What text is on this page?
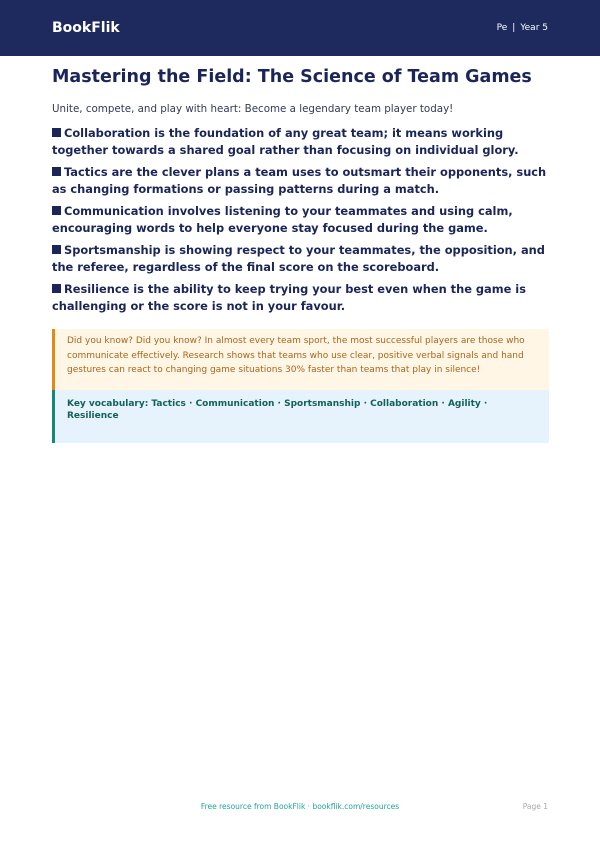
BookFlik	Pe | Year 5
Mastering the Field: The Science of Team Games

Unite, compete, and play with heart: Become a legendary team player today!

Collaboration is the foundation of any great team; it means working together towards a shared goal rather than focusing on individual glory.
Tactics are the clever plans a team uses to outsmart their opponents, such as changing formations or passing patterns during a match.
Communication involves listening to your teammates and using calm, encouraging words to help everyone stay focused during the game.
Sportsmanship is showing respect to your teammates, the opposition, and the referee, regardless of the final score on the scoreboard.
Resilience is the ability to keep trying your best even when the game is challenging or the score is not in your favour.
Did you know? Did you know? In almost every team sport, the most successful players are those who communicate effectively. Research shows that teams who use clear, positive verbal signals and hand gestures can react to changing game situations 30% faster than teams that play in silence!
Key vocabulary: Tactics · Communication · Sportsmanship · Collaboration · Agility · Resilience
Free resource from BookFlik · bookflik.com/resources	Page 1
